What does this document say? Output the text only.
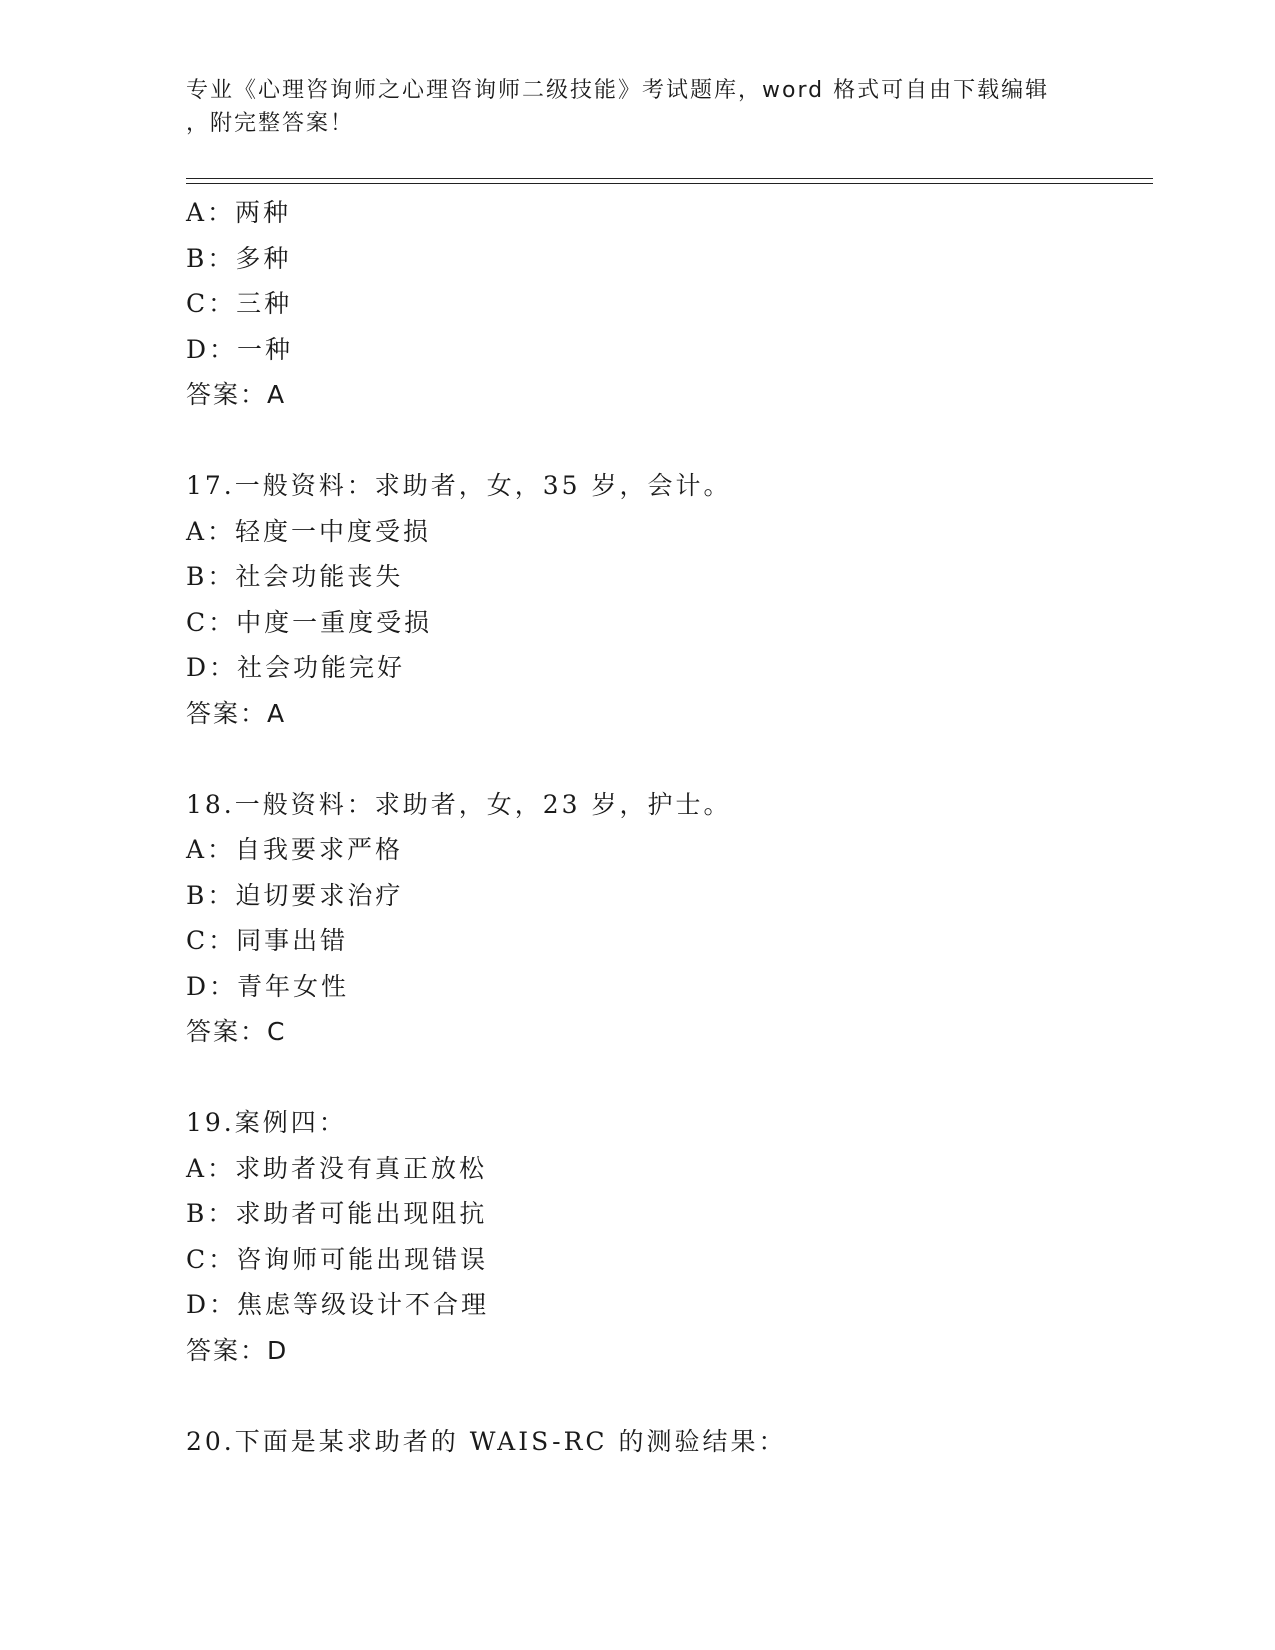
专业《心理咨询师之心理咨询师二级技能》考试题库，word 格式可自由下载编辑
，附完整答案！
A：两种
B：多种
C：三种
D：一种
答案：A
17.一般资料：求助者，女，35 岁，会计。
A：轻度一中度受损
B：社会功能丧失
C：中度一重度受损
D：社会功能完好
答案：A
18.一般资料：求助者，女，23 岁，护士。
A：自我要求严格
B：迫切要求治疗
C：同事出错
D：青年女性
答案：C
19.案例四：
A：求助者没有真正放松
B：求助者可能出现阻抗
C：咨询师可能出现错误
D：焦虑等级设计不合理
答案：D
20.下面是某求助者的 WAIS-RC 的测验结果：
